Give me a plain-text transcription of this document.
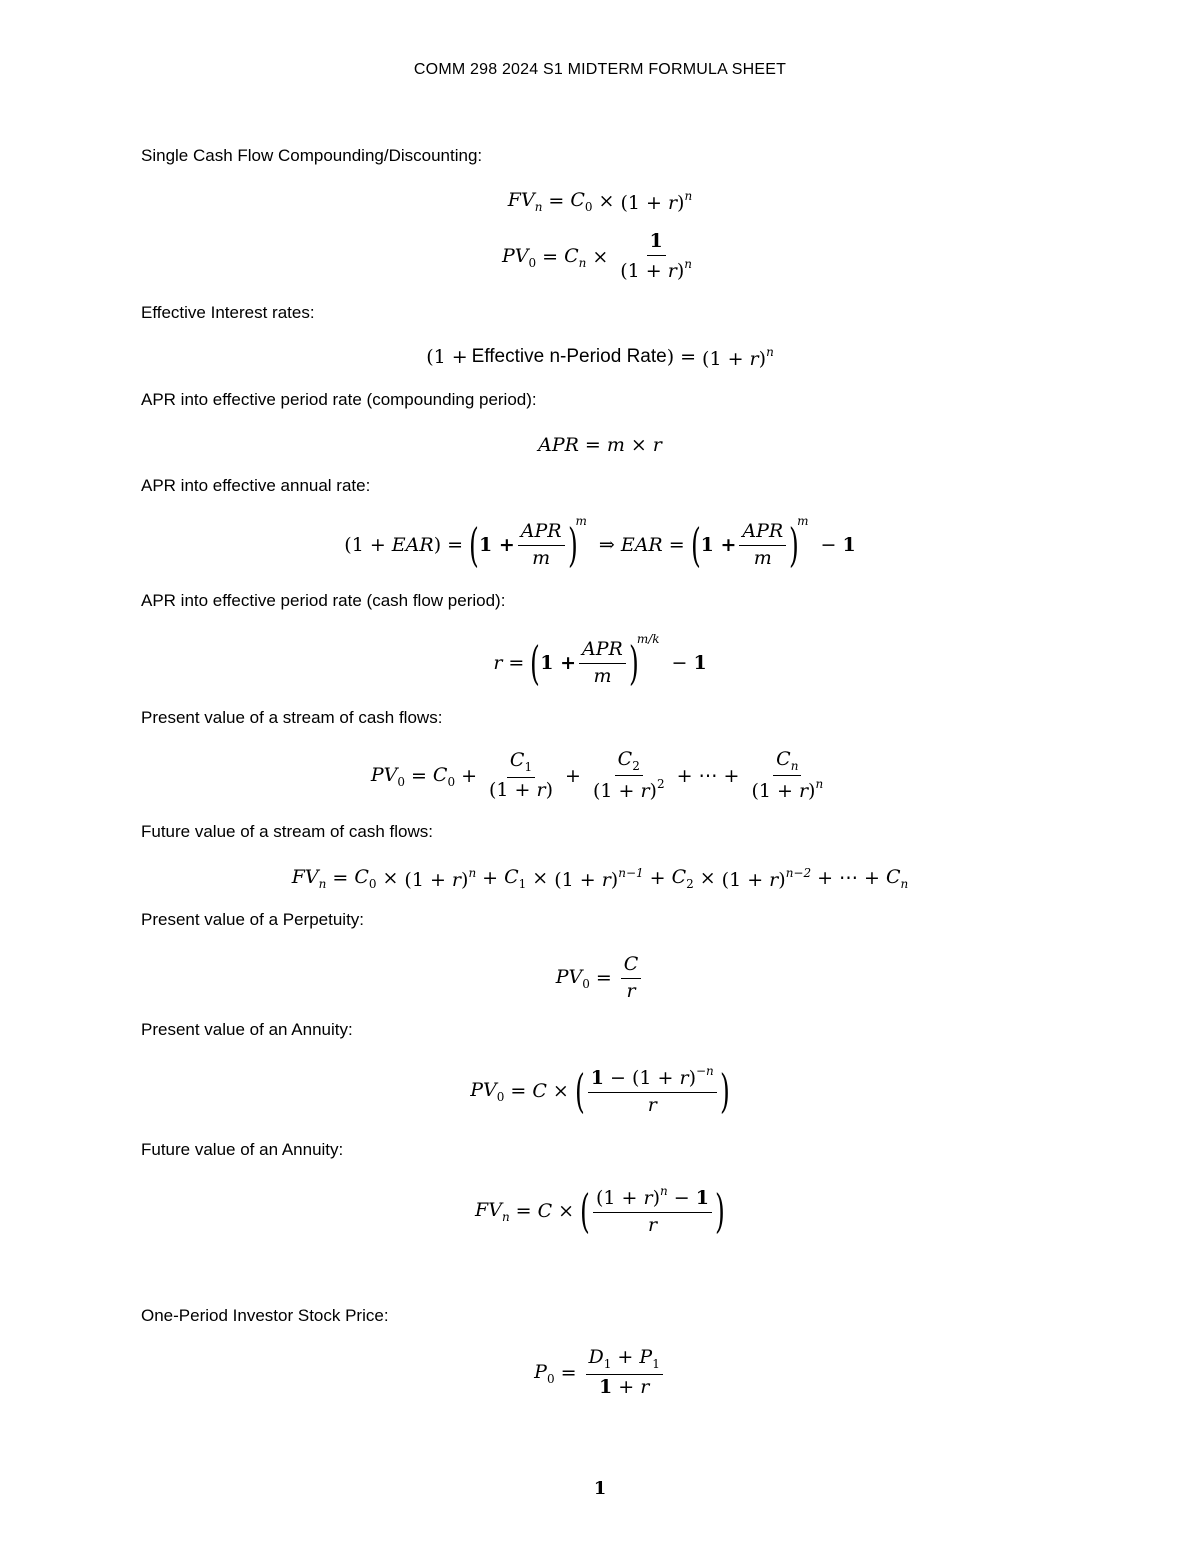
COMM 298 2024 S1 MIDTERM FORMULA SHEET
Single Cash Flow Compounding/Discounting:
$FV_n = C_0 \times (1 + r)^n$
$PV_0 = C_n \times \frac{1}{(1 + r)^n}$
Effective Interest rates:
(1 + Effective n-Period Rate ) = $(1 + r)^n$
APR into effective period rate (compounding period):
APR = m × r
APR into effective annual rate:
(1 + EAR) = ( $1 + \frac{\text{APR}}{m}$ )
m
⇒ EAR = ( $1 + \frac{\text{APR}}{m}$ )
m
− 1
APR into effective period rate (cash flow period):
r = ( $1 + \frac{\text{APR}}{m}$ )
m/k
− 1
Present value of a stream of cash flows:
$PV_0 = C_0 + \frac{C_1}{(1 + r)} + \frac{C_2}{(1 + r)^2}$ + ⋯ + $\frac{C_n}{(1 + r)^n}$
Future value of a stream of cash flows:
$FV_n = C_0 \times (1 + r)^n + C_1 \times (1 + r)^{n-1} + C_2 \times (1 + r)^{n-2}$ + ⋯ + $C_n$
Present value of a Perpetuity:
$PV_0 = \frac{C}{r}$
Present value of an Annuity:
$PV_0 = C$ × ( $\frac{1 - (1 + r)^{-n}}{r}$ )
Future value of an Annuity:
$FV_n = C$ × ( $\frac{(1 + r)^n - 1}{r}$ )
One-Period Investor Stock Price:
$P_0 = \frac{D_1 + P_1}{1 + r}$
1
